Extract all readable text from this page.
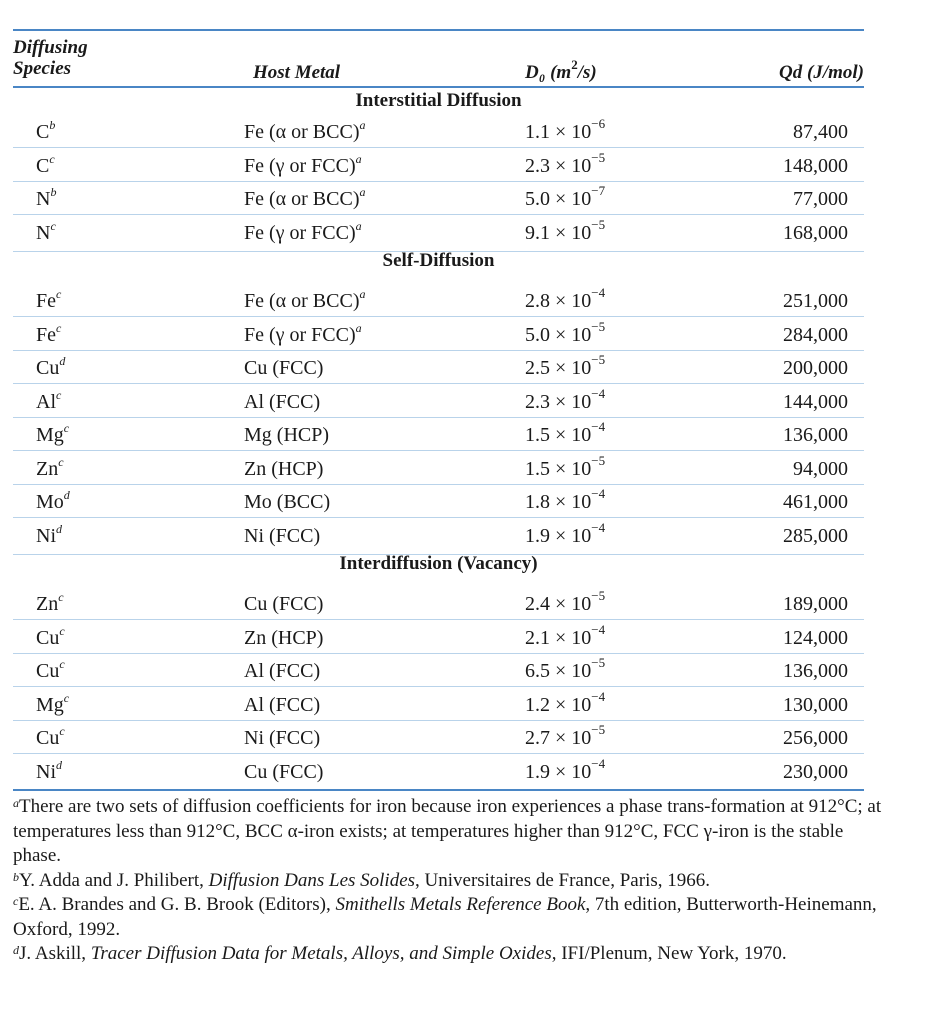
Diffusing
Species	Host Metal	D₀ $(m^2/s)$	Qd (J/mol)
Interstitial Diffusion
$C^b$	Fe (α or BCC)$^a$	$1.1 \times 10^{-6}$	87,400
$C^c$	Fe (γ or FCC)$^a$	$2.3 \times 10^{-5}$	148,000
$N^b$	Fe (α or BCC)$^a$	$5.0 \times 10^{-7}$	77,000
$N^c$	Fe (γ or FCC)$^a$	$9.1 \times 10^{-5}$	168,000
Self-Diffusion
Fe$^c$	Fe (α or BCC)$^a$	$2.8 \times 10^{-4}$	251,000
Fe$^c$	Fe (γ or FCC)$^a$	$5.0 \times 10^{-5}$	284,000
Cu$^d$	Cu (FCC)	$2.5 \times 10^{-5}$	200,000
Al$^c$	Al (FCC)	$2.3 \times 10^{-4}$	144,000
Mg$^c$	Mg (HCP)	$1.5 \times 10^{-4}$	136,000
Zn$^c$	Zn (HCP)	$1.5 \times 10^{-5}$	94,000
Mo$^d$	Mo (BCC)	$1.8 \times 10^{-4}$	461,000
Ni$^d$	Ni (FCC)	$1.9 \times 10^{-4}$	285,000
Interdiffusion (Vacancy)
Zn$^c$	Cu (FCC)	$2.4 \times 10^{-5}$	189,000
Cu$^c$	Zn (HCP)	$2.1 \times 10^{-4}$	124,000
Cu$^c$	Al (FCC)	$6.5 \times 10^{-5}$	136,000
Mg$^c$	Al (FCC)	$1.2 \times 10^{-4}$	130,000
Cu$^c$	Ni (FCC)	$2.7 \times 10^{-5}$	256,000
Ni$^d$	Cu (FCC)	$1.9 \times 10^{-4}$	230,000

$^a$There are two sets of diffusion coefficients for iron because iron experiences a phase trans-formation at 912°C; at temperatures less than 912°C, BCC α-iron exists; at temperatures higher than 912°C, FCC γ-iron is the stable phase.

$^b$Y. Adda and J. Philibert, Diffusion Dans Les Solides, Universitaires de France, Paris, 1966.

$^c$E. A. Brandes and G. B. Brook (Editors), Smithells Metals Reference Book, 7th edition, Butterworth-Heinemann, Oxford, 1992.

$^d$J. Askill, Tracer Diffusion Data for Metals, Alloys, and Simple Oxides, IFI/Plenum, New York, 1970.
